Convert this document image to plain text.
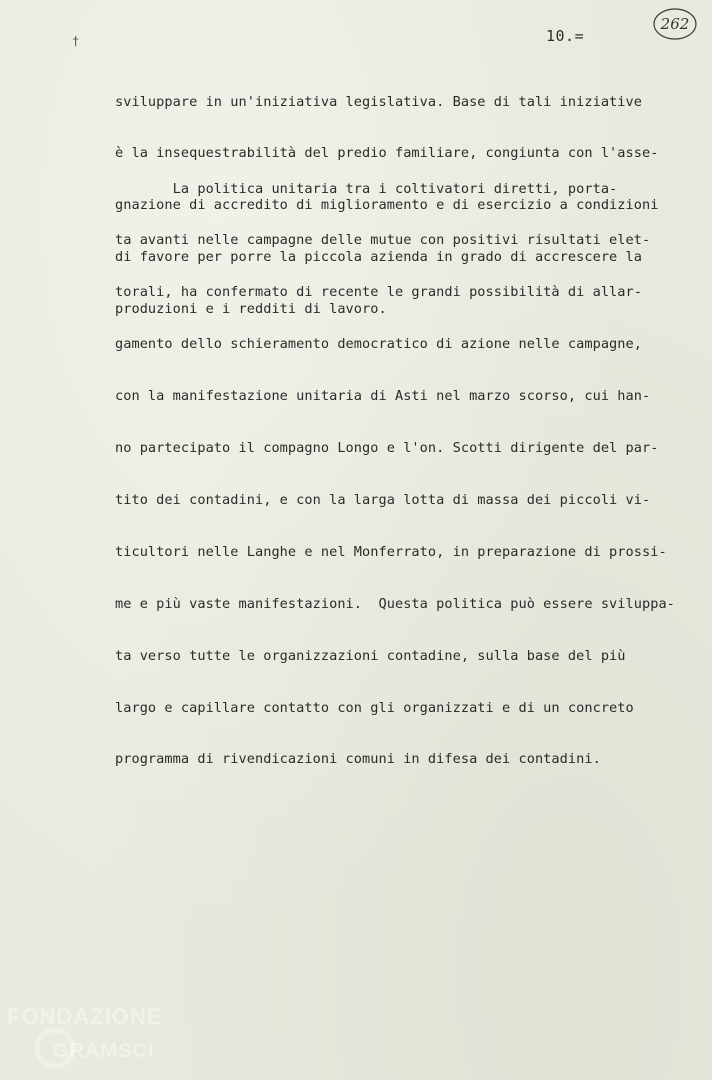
†	10.=
262

sviluppare in un'iniziativa legislativa. Base di tali iniziative

è la insequestrabilità del predio familiare, congiunta con l'asse-

gnazione di accredito di miglioramento e di esercizio a condizioni

di favore per porre la piccola azienda in grado di accrescere la

produzioni e i redditi di lavoro.

La politica unitaria tra i coltivatori diretti, porta-

ta avanti nelle campagne delle mutue con positivi risultati elet-

torali, ha confermato di recente le grandi possibilità di allar-

gamento dello schieramento democratico di azione nelle campagne,

con la manifestazione unitaria di Asti nel marzo scorso, cui han-

no partecipato il compagno Longo e l'on. Scotti dirigente del par-

tito dei contadini, e con la larga lotta di massa dei piccoli vi-

ticultori nelle Langhe e nel Monferrato, in preparazione di prossi-

me e più vaste manifestazioni.  Questa politica può essere sviluppa-

ta verso tutte le organizzazioni contadine, sulla base del più

largo e capillare contatto con gli organizzati e di un concreto

programma di rivendicazioni comuni in difesa dei contadini.

FONDAZIONE
GRAMSCI
